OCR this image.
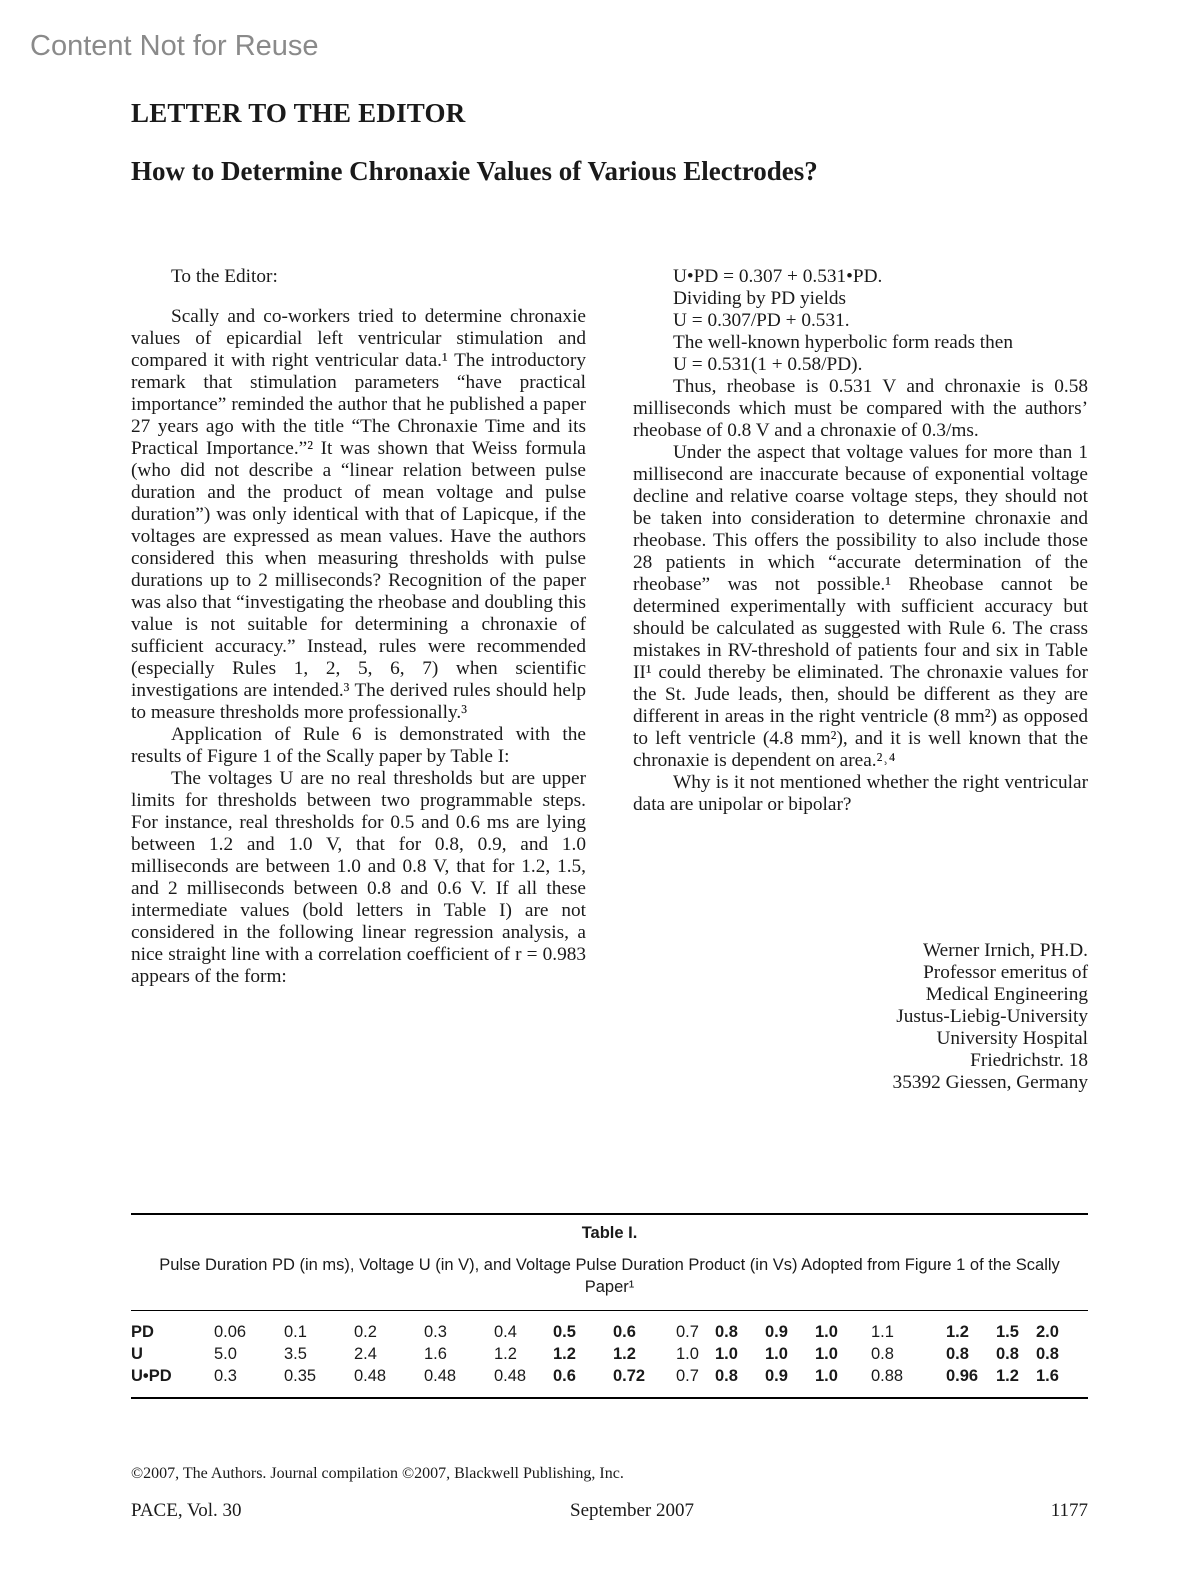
Content Not for Reuse
LETTER TO THE EDITOR
How to Determine Chronaxie Values of Various Electrodes?

To the Editor:

Scally and co-workers tried to determine chronaxie values of epicardial left ventricular stimulation and compared it with right ventricular data.¹ The introductory remark that stimulation parameters “have practical importance” reminded the author that he published a paper 27 years ago with the title “The Chronaxie Time and its Practical Importance.”² It was shown that Weiss formula (who did not describe a “linear relation between pulse duration and the product of mean voltage and pulse duration”) was only identical with that of Lapicque, if the voltages are expressed as mean values. Have the authors considered this when measuring thresholds with pulse durations up to 2 milliseconds? Recognition of the paper was also that “investigating the rheobase and doubling this value is not suitable for determining a chronaxie of sufficient accuracy.” Instead, rules were recommended (especially Rules 1, 2, 5, 6, 7) when scientific investigations are intended.³ The derived rules should help to measure thresholds more professionally.³

Application of Rule 6 is demonstrated with the results of Figure 1 of the Scally paper by Table I:

The voltages U are no real thresholds but are upper limits for thresholds between two programmable steps. For instance, real thresholds for 0.5 and 0.6 ms are lying between 1.2 and 1.0 V, that for 0.8, 0.9, and 1.0 milliseconds are between 1.0 and 0.8 V, that for 1.2, 1.5, and 2 milliseconds between 0.8 and 0.6 V. If all these intermediate values (bold letters in Table I) are not considered in the following linear regression analysis, a nice straight line with a correlation coefficient of r = 0.983 appears of the form:

U•PD = 0.307 + 0.531•PD.

Dividing by PD yields

U = 0.307/PD + 0.531.

The well-known hyperbolic form reads then

U = 0.531(1 + 0.58/PD).

Thus, rheobase is 0.531 V and chronaxie is 0.58 milliseconds which must be compared with the authors’ rheobase of 0.8 V and a chronaxie of 0.3/ms.

Under the aspect that voltage values for more than 1 millisecond are inaccurate because of exponential voltage decline and relative coarse voltage steps, they should not be taken into consideration to determine chronaxie and rheobase. This offers the possibility to also include those 28 patients in which “accurate determination of the rheobase” was not possible.¹ Rheobase cannot be determined experimentally with sufficient accuracy but should be calculated as suggested with Rule 6. The crass mistakes in RV-threshold of patients four and six in Table II¹ could thereby be eliminated. The chronaxie values for the St. Jude leads, then, should be different as they are different in areas in the right ventricle (8 mm²) as opposed to left ventricle (4.8 mm²), and it is well known that the chronaxie is dependent on area.²˒⁴

Why is it not mentioned whether the right ventricular data are unipolar or bipolar?

Werner Irnich, PH.D.
Professor emeritus of
Medical Engineering
Justus-Liebig-University
University Hospital
Friedrichstr. 18
35392 Giessen, Germany
Table I.
Pulse Duration PD (in ms), Voltage U (in V), and Voltage Pulse Duration Product (in Vs) Adopted from Figure 1 of the Scally Paper¹
PD	0.06	0.1	0.2	0.3	0.4	0.5	0.6	0.7	0.8	0.9	1.0	1.1	1.2	1.5	2.0
U	5.0	3.5	2.4	1.6	1.2	1.2	1.2	1.0	1.0	1.0	1.0	0.8	0.8	0.8	0.8
U•PD	0.3	0.35	0.48	0.48	0.48	0.6	0.72	0.7	0.8	0.9	1.0	0.88	0.96	1.2	1.6
©2007, The Authors. Journal compilation ©2007, Blackwell Publishing, Inc.
PACE, Vol. 30	September 2007	1177
